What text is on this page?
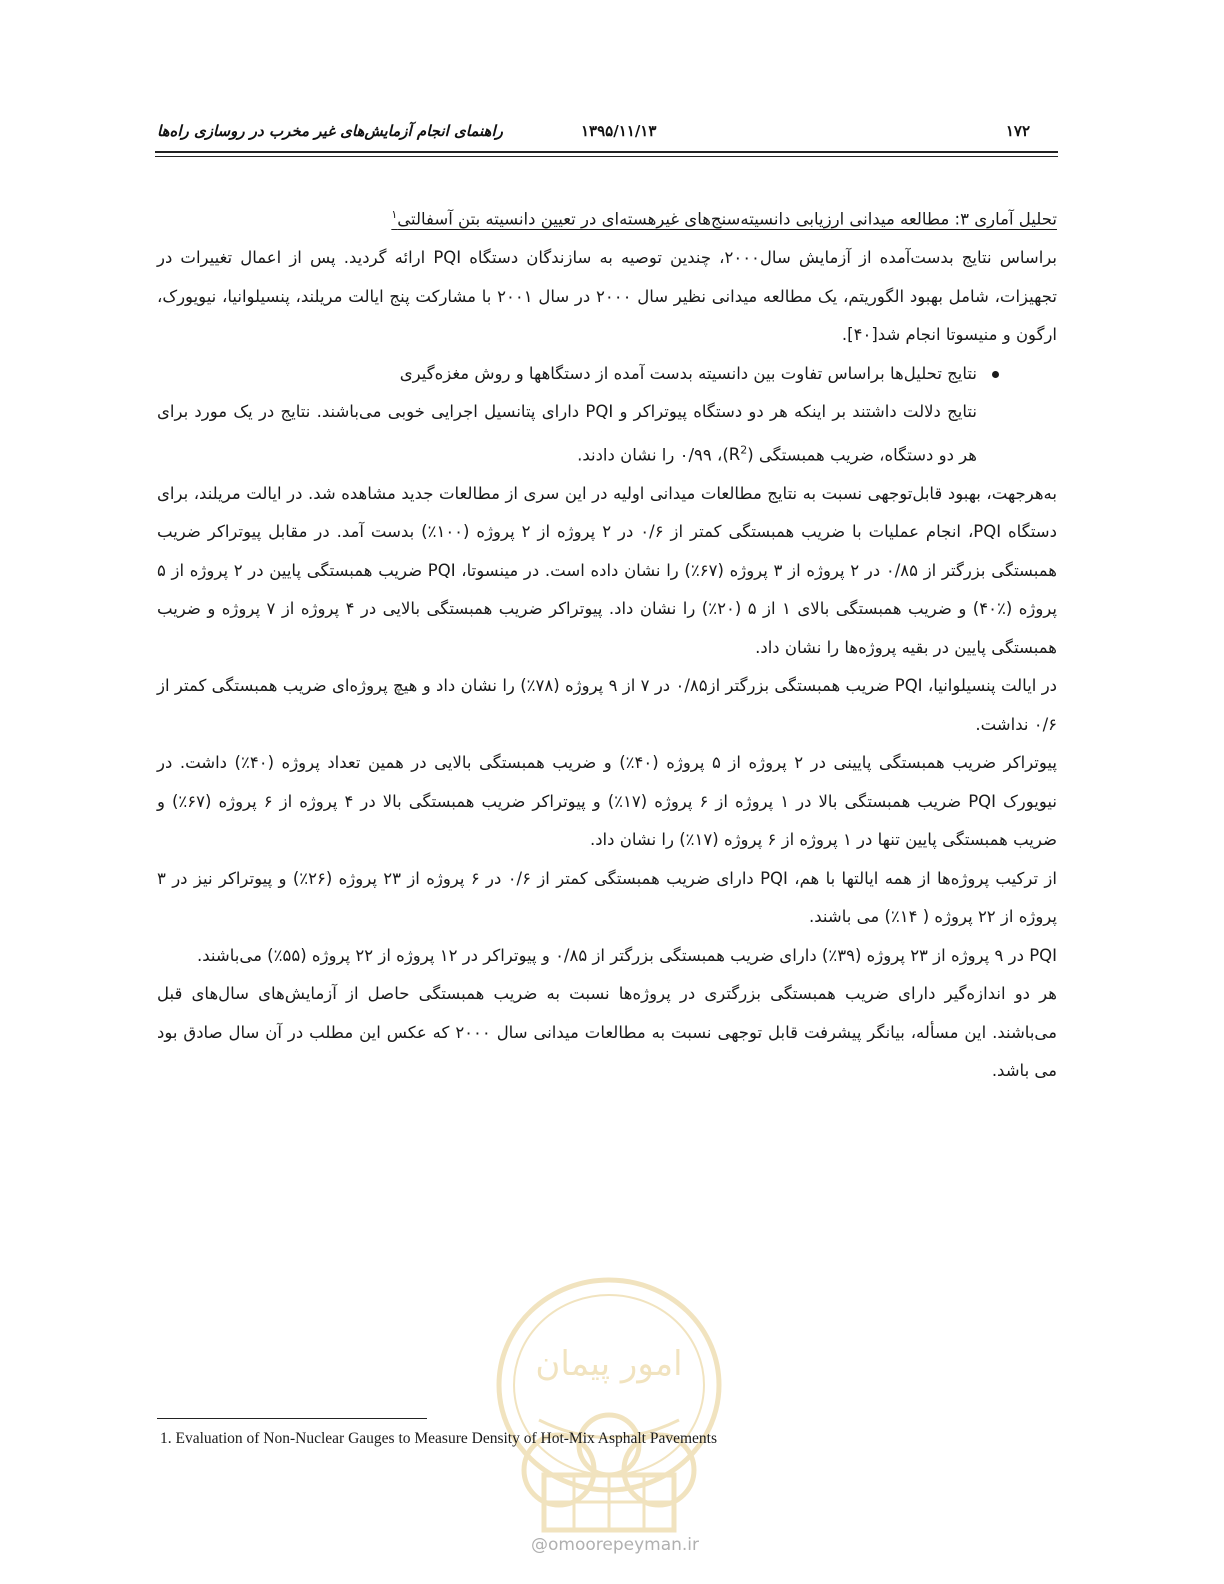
۱۷۲
۱۳۹۵/۱۱/۱۳
راهنمای انجام آزمایش‌های غیر مخرب در روسازی راه‌ها

تحلیل آماری ۳: مطالعه میدانی ارزیابی دانسیته‌سنج‌های غیرهسته‌ای در تعیین دانسیته بتن آسفالتی$^۱$

براساس نتایج بدست‌آمده از آزمایش سال۲۰۰۰، چندین توصیه به سازندگان دستگاه PQI ارائه گردید. پس از اعمال تغییرات در تجهیزات، شامل بهبود الگوریتم، یک مطالعه میدانی نظیر سال ۲۰۰۰ در سال ۲۰۰۱ با مشارکت پنج ایالت مریلند، پنسیلوانیا، نیویورک، ارگون و منیسوتا انجام شد[۴۰].

نتایج تحلیل‌ها براساس تفاوت بین دانسیته بدست آمده از دستگاهها و روش مغزه‌گیری

نتایج دلالت داشتند بر اینکه هر دو دستگاه پیوتراکر و PQI دارای پتانسیل اجرایی خوبی می‌باشند. نتایج در یک مورد برای هر دو دستگاه، ضریب همبستگی $(R^2)،$ ۰/۹۹ را نشان دادند.

به‌هرجهت، بهبود قابل‌توجهی نسبت به نتایج مطالعات میدانی اولیه در این سری از مطالعات جدید مشاهده شد. در ایالت مریلند، برای دستگاه PQI، انجام عملیات با ضریب همبستگی کمتر از ۰/۶ در ۲ پروژه از ۲ پروژه (۱۰۰٪) بدست آمد. در مقابل پیوتراکر ضریب همبستگی بزرگتر از ۰/۸۵ در ۲ پروژه از ۳ پروژه (۶۷٪) را نشان داده است. در مینسوتا، PQI ضریب همبستگی پایین در ۲ پروژه از ۵ پروژه (٪۴۰) و ضریب همبستگی بالای ۱ از ۵ (۲۰٪) را نشان داد. پیوتراکر ضریب همبستگی بالایی در ۴ پروژه از ۷ پروژه و ضریب همبستگی پایین در بقیه پروژه‌ها را نشان داد.

در ایالت پنسیلوانیا، PQI ضریب همبستگی بزرگتر از۰/۸۵ در ۷ از ۹ پروژه (۷۸٪) را نشان داد و هیچ پروژه‌ای ضریب همبستگی کمتر از ۰/۶ نداشت.

پیوتراکر ضریب همبستگی پایینی در ۲ پروژه از ۵ پروژه (۴۰٪) و ضریب همبستگی بالایی در همین تعداد پروژه (۴۰٪) داشت. در نیویورک PQI ضریب همبستگی بالا در ۱ پروژه از ۶ پروژه (۱۷٪) و پیوتراکر ضریب همبستگی بالا در ۴ پروژه از ۶ پروژه (۶۷٪) و ضریب همبستگی پایین تنها در ۱ پروژه از ۶ پروژه (۱۷٪) را نشان داد.

از ترکیب پروژه‌ها از همه ایالتها با هم، PQI دارای ضریب همبستگی کمتر از ۰/۶ در ۶ پروژه از ۲۳ پروژه (۲۶٪) و پیوتراکر نیز در ۳ پروژه از ۲۲ پروژه ( ۱۴٪) می باشند.

PQI در ۹ پروژه از ۲۳ پروژه (۳۹٪) دارای ضریب همبستگی بزرگتر از ۰/۸۵ و پیوتراکر در ۱۲ پروژه از ۲۲ پروژه (۵۵٪) می‌باشند.

هر دو اندازه‌گیر دارای ضریب همبستگی بزرگتری در پروژه‌ها نسبت به ضریب همبستگی حاصل از آزمایش‌های سال‌های قبل می‌باشند. این مسأله، بیانگر پیشرفت قابل توجهی نسبت به مطالعات میدانی سال ۲۰۰۰ که عکس این مطلب در آن سال صادق بود می باشد.

امور پیمان
@omoorepeyman.ir
1. Evaluation of Non-Nuclear Gauges to Measure Density of Hot-Mix Asphalt Pavements
